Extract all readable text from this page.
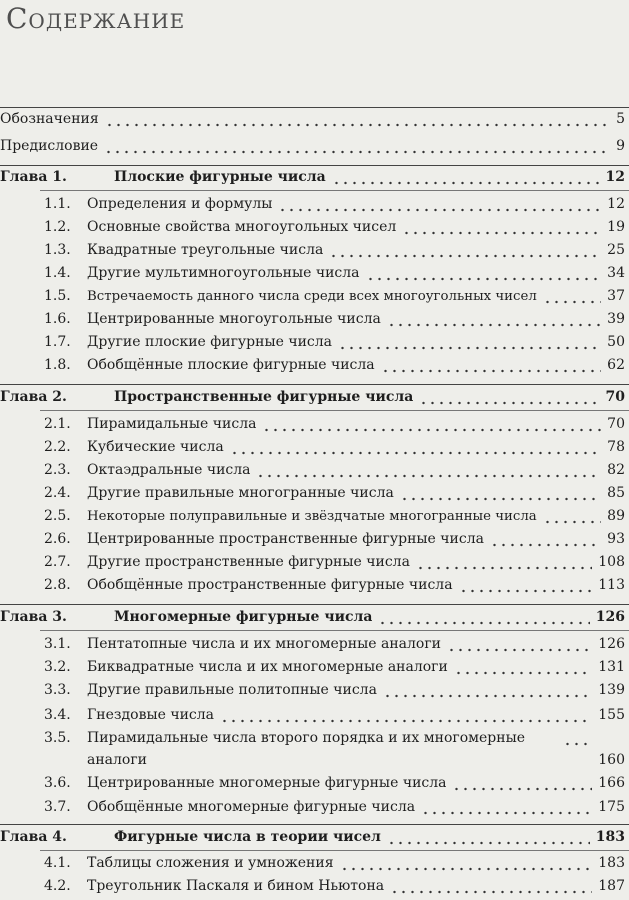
Содержание
Обозначения	5
Предисловие	9
Глава 1.	Плоские фигурные числа	12
1.1.	Определения и формулы	12
1.2.	Основные свойства многоугольных чисел	19
1.3.	Квадратные треугольные числа	25
1.4.	Другие мультимногоугольные числа	34
1.5.	Встречаемость данного числа среди всех многоугольных чисел	37
1.6.	Центрированные многоугольные числа	39
1.7.	Другие плоские фигурные числа	50
1.8.	Обобщённые плоские фигурные числа	62
Глава 2.	Пространственные фигурные числа	70
2.1.	Пирамидальные числа	70
2.2.	Кубические числа	78
2.3.	Октаэдральные числа	82
2.4.	Другие правильные многогранные числа	85
2.5.	Некоторые полуправильные и звёздчатые многогранные числа	89
2.6.	Центрированные пространственные фигурные числа	93
2.7.	Другие пространственные фигурные числа	108
2.8.	Обобщённые пространственные фигурные числа	113
Глава 3.	Многомерные фигурные числа	126
3.1.	Пентатопные числа и их многомерные аналоги	126
3.2.	Биквадратные числа и их многомерные аналоги	131
3.3.	Другие правильные политопные числа	139
3.4.	Гнездовые числа	155
3.5.	Пирамидальные числа второго порядка и их многомерные аналоги	160
3.6.	Центрированные многомерные фигурные числа	166
3.7.	Обобщённые многомерные фигурные числа	175
Глава 4.	Фигурные числа в теории чисел	183
4.1.	Таблицы сложения и умножения	183
4.2.	Треугольник Паскаля и бином Ньютона	187
